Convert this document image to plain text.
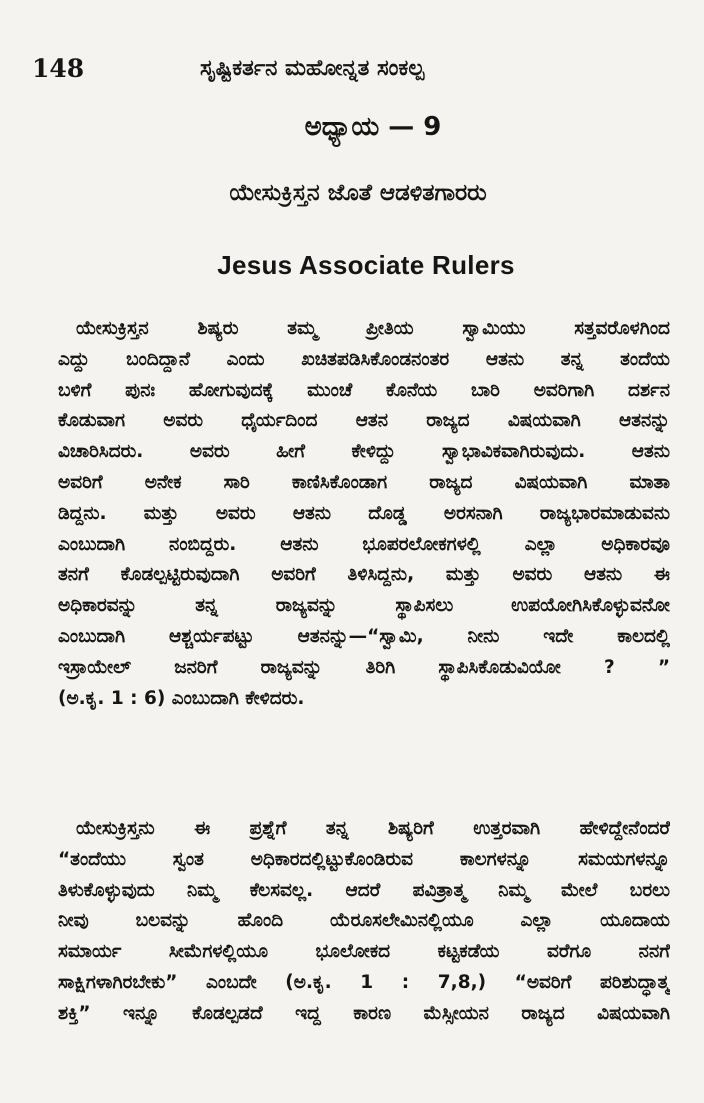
148	ಸೃಷ್ಟಿಕರ್ತನ ಮಹೋನ್ನತ ಸಂಕಲ್ಪ
ಅಧ್ಯಾಯ — 9
ಯೇಸುಕ್ರಿಸ್ತನ ಜೊತೆ ಆಡಳಿತಗಾರರು
Jesus Associate Rulers
ಯೇಸುಕ್ರಿಸ್ತನ ಶಿಷ್ಯರು ತಮ್ಮ ಪ್ರೀತಿಯ ಸ್ವಾಮಿಯು ಸತ್ತವರೊಳಗಿಂದ
ಎದ್ದು ಬಂದಿದ್ದಾನೆ ಎಂದು ಖಚಿತಪಡಿಸಿಕೊಂಡನಂತರ ಆತನು ತನ್ನ ತಂದೆಯ
ಬಳಿಗೆ ಪುನಃ ಹೋಗುವುದಕ್ಕೆ ಮುಂಚೆ ಕೊನೆಯ ಬಾರಿ ಅವರಿಗಾಗಿ ದರ್ಶನ
ಕೊಡುವಾಗ ಅವರು ಧೈರ್ಯದಿಂದ ಆತನ ರಾಜ್ಯದ ವಿಷಯವಾಗಿ ಆತನನ್ನು
ವಿಚಾರಿಸಿದರು. ಅವರು ಹೀಗೆ ಕೇಳಿದ್ದು ಸ್ವಾಭಾವಿಕವಾಗಿರುವುದು. ಆತನು
ಅವರಿಗೆ ಅನೇಕ ಸಾರಿ ಕಾಣಿಸಿಕೊಂಡಾಗ ರಾಜ್ಯದ ವಿಷಯವಾಗಿ ಮಾತಾ
ಡಿದ್ದನು. ಮತ್ತು ಅವರು ಆತನು ದೊಡ್ಡ ಅರಸನಾಗಿ ರಾಜ್ಯಭಾರಮಾಡುವನು
ಎಂಬುದಾಗಿ ನಂಬಿದ್ದರು. ಆತನು ಭೂಪರಲೋಕಗಳಲ್ಲಿ ಎಲ್ಲಾ ಅಧಿಕಾರವೂ
ತನಗೆ ಕೊಡಲ್ಪಟ್ಟಿರುವುದಾಗಿ ಅವರಿಗೆ ತಿಳಿಸಿದ್ದನು, ಮತ್ತು ಅವರು ಆತನು ಈ
ಅಧಿಕಾರವನ್ನು ತನ್ನ ರಾಜ್ಯವನ್ನು ಸ್ಥಾಪಿಸಲು ಉಪಯೋಗಿಸಿಕೊಳ್ಳುವನೋ
ಎಂಬುದಾಗಿ ಆಶ್ಚರ್ಯಪಟ್ಟು ಆತನನ್ನು—“ಸ್ವಾಮಿ, ನೀನು ಇದೇ ಕಾಲದಲ್ಲಿ
ಇಸ್ರಾಯೇಲ್ ಜನರಿಗೆ ರಾಜ್ಯವನ್ನು ತಿರಿಗಿ ಸ್ಥಾಪಿಸಿಕೊಡುವಿಯೋ ? ”
(ಅ.ಕೃ. 1 : 6) ಎಂಬುದಾಗಿ ಕೇಳಿದರು.
ಯೇಸುಕ್ರಿಸ್ತನು ಈ ಪ್ರಶ್ನೆಗೆ ತನ್ನ ಶಿಷ್ಯರಿಗೆ ಉತ್ತರವಾಗಿ ಹೇಳಿದ್ದೇನೆಂದರೆ
“ತಂದೆಯು ಸ್ವಂತ ಅಧಿಕಾರದಲ್ಲಿಟ್ಟುಕೊಂಡಿರುವ ಕಾಲಗಳನ್ನೂ ಸಮಯಗಳನ್ನೂ
ತಿಳುಕೊಳ್ಳುವುದು ನಿಮ್ಮ ಕೆಲಸವಲ್ಲ. ಆದರೆ ಪವಿತ್ರಾತ್ಮ ನಿಮ್ಮ ಮೇಲೆ ಬರಲು
ನೀವು ಬಲವನ್ನು ಹೊಂದಿ ಯೆರೂಸಲೇಮಿನಲ್ಲಿಯೂ ಎಲ್ಲಾ ಯೂದಾಯ
ಸಮಾರ್ಯ ಸೀಮೆಗಳಲ್ಲಿಯೂ ಭೂಲೋಕದ ಕಟ್ಟಕಡೆಯ ವರೆಗೂ ನನಗೆ
ಸಾಕ್ಷಿಗಳಾಗಿರಬೇಕು” ಎಂಬದೇ (ಅ.ಕೃ. 1 : 7,8,) “ಅವರಿಗೆ ಪರಿಶುದ್ಧಾತ್ಮ
ಶಕ್ತಿ” ಇನ್ನೂ ಕೊಡಲ್ಪಡದೆ ಇದ್ದ ಕಾರಣ ಮೆಸ್ಸೀಯನ ರಾಜ್ಯದ ವಿಷಯವಾಗಿ
